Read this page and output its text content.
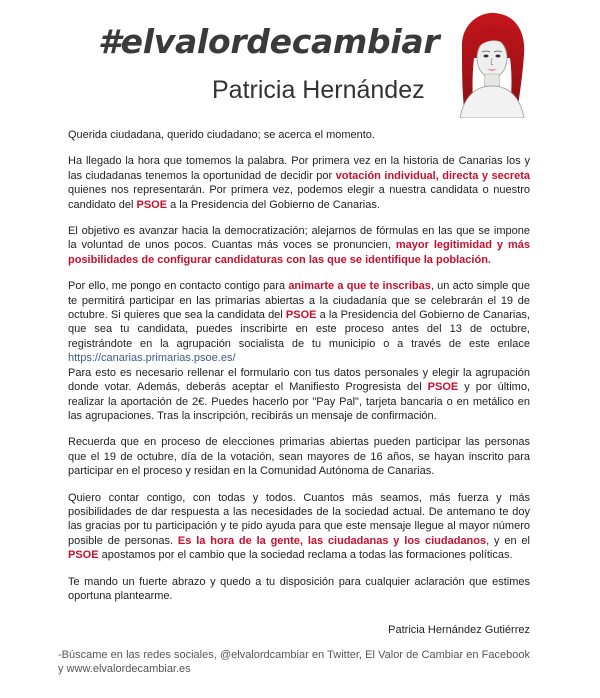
#elvalordecambiar
Patricia Hernández

Querida ciudadana, querido ciudadano; se acerca el momento.

Ha llegado la hora que tomemos la palabra. Por primera vez en la historia de Canarias los y las ciudadanas tenemos la oportunidad de decidir por votación individual, directa y secreta quienes nos representarán. Por primera vez, podemos elegir a nuestra candidata o nuestro candidato del PSOE a la Presidencia del Gobierno de Canarias.

El objetivo es avanzar hacia la democratización; alejarnos de fórmulas en las que se impone la voluntad de unos pocos. Cuantas más voces se pronuncien, mayor legitimidad y más posibilidades de configurar candidaturas con las que se identifique la población.

Por ello, me pongo en contacto contigo para animarte a que te inscribas, un acto simple que te permitirá participar en las primarias abiertas a la ciudadanía que se celebrarán el 19 de octubre. Si quieres que sea la candidata del PSOE a la Presidencia del Gobierno de Canarias, que sea tu candidata, puedes inscribirte en este proceso antes del 13 de octubre, registrándote en la agrupación socialista de tu municipio o a través de este enlace https://canarias.primarias.psoe.es/

Para esto es necesario rellenar el formulario con tus datos personales y elegir la agrupación donde votar. Además, deberás aceptar el Manifiesto Progresista del PSOE y por último, realizar la aportación de 2€. Puedes hacerlo por "Pay Pal", tarjeta bancaria o en metálico en las agrupaciones. Tras la inscripción, recibirás un mensaje de confirmación.

Recuerda que en proceso de elecciones primarias abiertas pueden participar las personas que el 19 de octubre, día de la votación, sean mayores de 16 años, se hayan inscrito para participar en el proceso y residan en la Comunidad Autónoma de Canarias.

Quiero contar contigo, con todas y todos. Cuantos más seamos, más fuerza y más posibilidades de dar respuesta a las necesidades de la sociedad actual. De antemano te doy las gracias por tu participación y te pido ayuda para que este mensaje llegue al mayor número posible de personas. Es la hora de la gente, las ciudadanas y los ciudadanos, y en el PSOE apostamos por el cambio que la sociedad reclama a todas las formaciones políticas.

Te mando un fuerte abrazo y quedo a tu disposición para cualquier aclaración que estimes oportuna plantearme.

Patricia Hernández Gutiérrez
-Búscame en las redes sociales, @elvalordcambiar en Twitter, El Valor de Cambiar en Facebook y www.elvalordecambiar.es
